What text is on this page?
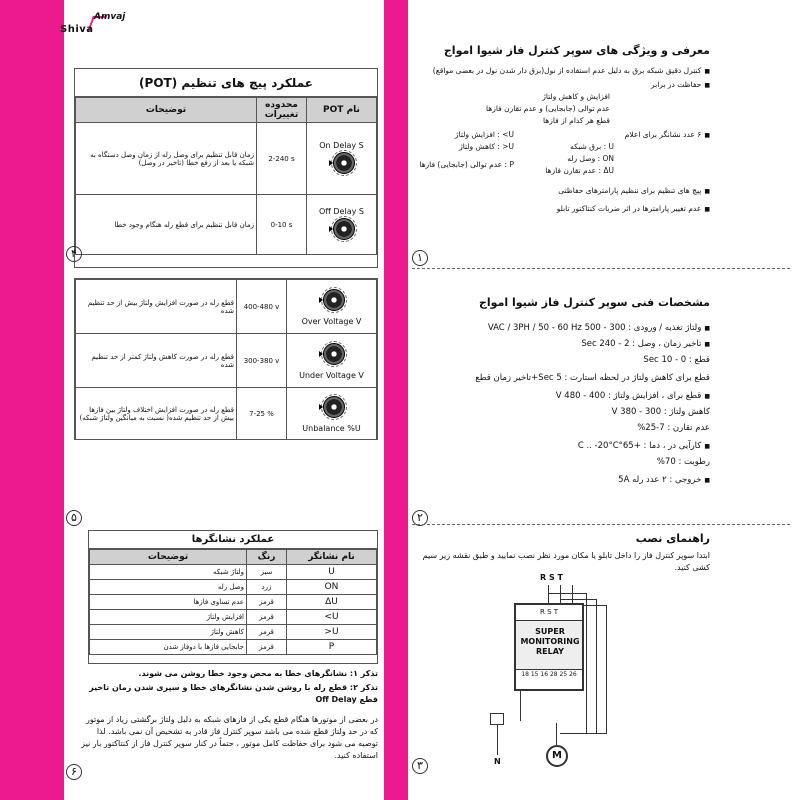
Amvaj
Shiva
عملکرد پیچ های تنظیم (POT)
نام POT	محدوده تغییرات	توضیحات

On Delay S	2-240 s	زمان قابل تنظیم برای وصل رله از زمان وصل دستگاه به شبکه یا بعد از رفع خطا (تاخیر در وصل)

Off Delay S	0-10 s	زمان قابل تنظیم برای قطع رله هنگام وجود خطا
۴
Over Voltage V	400-480 v	قطع رله در صورت افزایش ولتاژ بیش از حد تنظیم شده

Under Voltage V	300-380 v	قطع رله در صورت کاهش ولتاژ کمتر از حد تنظیم شده

Unbalance %U	7-25 %	قطع رله در صورت افزایش اختلاف ولتاژ بین فازها بیش از حد تنظیم شده( نسبت به میانگین ولتاژ شبکه)
۵
عملکرد نشانگرها
نام نشانگر	رنگ	توضیحات
U	سبز	ولتاژ شبکه
ON	زرد	وصل رله
ΔU	قرمز	عدم تساوی فازها
U>	قرمز	افزایش ولتاژ
U<	قرمز	کاهش ولتاژ
P	قرمز	جابجایی فازها با دوفاز شدن
تذکر ۱: نشانگرهای خطا به محض وجود خطا روشن می شوند.
تذکر ۲: قطع رله با روشن شدن نشانگرهای خطا و سپری شدن زمان تاخیر قطع Off Delay
در بعضی از موتورها هنگام قطع یکی از فازهای شبکه به دلیل ولتاژ برگشتی زیاد از موتور که در حد ولتاژ قطع شده می باشد سوپر کنترل فاز قادر به تشخیص آن نمی باشد. لذا توصیه می شود برای حفاظت کامل موتور ، حتماً در کنار سوپر کنترل فاز از کنتاکتور بار نیز استفاده کنید.
۶
معرفی و ویژگی های سوپر کنترل فاز شیوا امواج
■ کنترل دقیق شبکه برق به دلیل عدم استفاده از نول(برق دار شدن نول در بعضی مواقع)
■ حفاظت در برابر
افزایش و کاهش ولتاژ
عدم توالی (جابجایی) و عدم تقارن فازها
قطع هر کدام از فازها
■ ۶ عدد نشانگر برای اعلام
U : برق شبکه
ON : وصل رله
ΔU : عدم تقارن فازها
U> : افزایش ولتاژ
U< : کاهش ولتاژ
P : عدم توالی (جابجایی) فازها
■ پیچ های تنظیم برای تنظیم پارامترهای حفاظتی
■ عدم تغییر پارامترها در اثر ضربات کنتاکتور تابلو
۱
مشخصات فنی سوپر کنترل فاز شیوا امواج
■ ولتاژ تغذیه / ورودی : 300 - 500 VAC / 3PH / 50 - 60 Hz
■ تاخیر زمان ، وصل : 2 - 240 Sec
قطع : 0 - 10 Sec
قطع برای کاهش ولتاژ در لحظه استارت : 5 Sec+تاخیر زمان قطع
■ قطع برای ، افزایش ولتاژ : 400 - 480 V
کاهش ولتاژ : 300 - 380 V
عدم تقارن : 7-25%
■ کارآیی در ، دما : +65°C .. -20°C
رطوبت : 70%
■ خروجی : ۲ عدد رله 5A
۲
راهنمای نصب
ابتدا سوپر کنترل فاز را داخل تابلو یا مکان مورد نظر نصب نمایید و طبق نقشه زیر سیم کشی کنید.
R S T
R S T
SUPER MONITORING RELAY
18 15 16 28 25 26
N
M
۳
